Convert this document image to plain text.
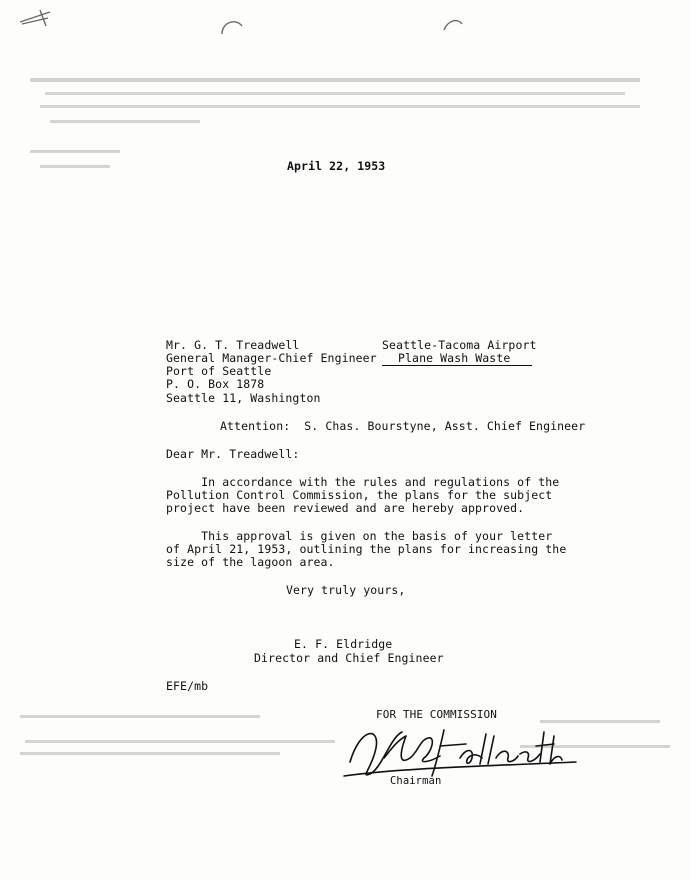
April 22, 1953
Mr. G. T. Treadwell
General Manager-Chief Engineer
Port of Seattle
P. O. Box 1878
Seattle 11, Washington
Seattle-Tacoma Airport
Plane Wash Waste
Attention:  S. Chas. Bourstyne, Asst. Chief Engineer
Dear Mr. Treadwell:
In accordance with the rules and regulations of the
Pollution Control Commission, the plans for the subject
project have been reviewed and are hereby approved.
This approval is given on the basis of your letter
of April 21, 1953, outlining the plans for increasing the
size of the lagoon area.
Very truly yours,
E. F. Eldridge
Director and Chief Engineer
EFE/mb
FOR THE COMMISSION
Chairman
